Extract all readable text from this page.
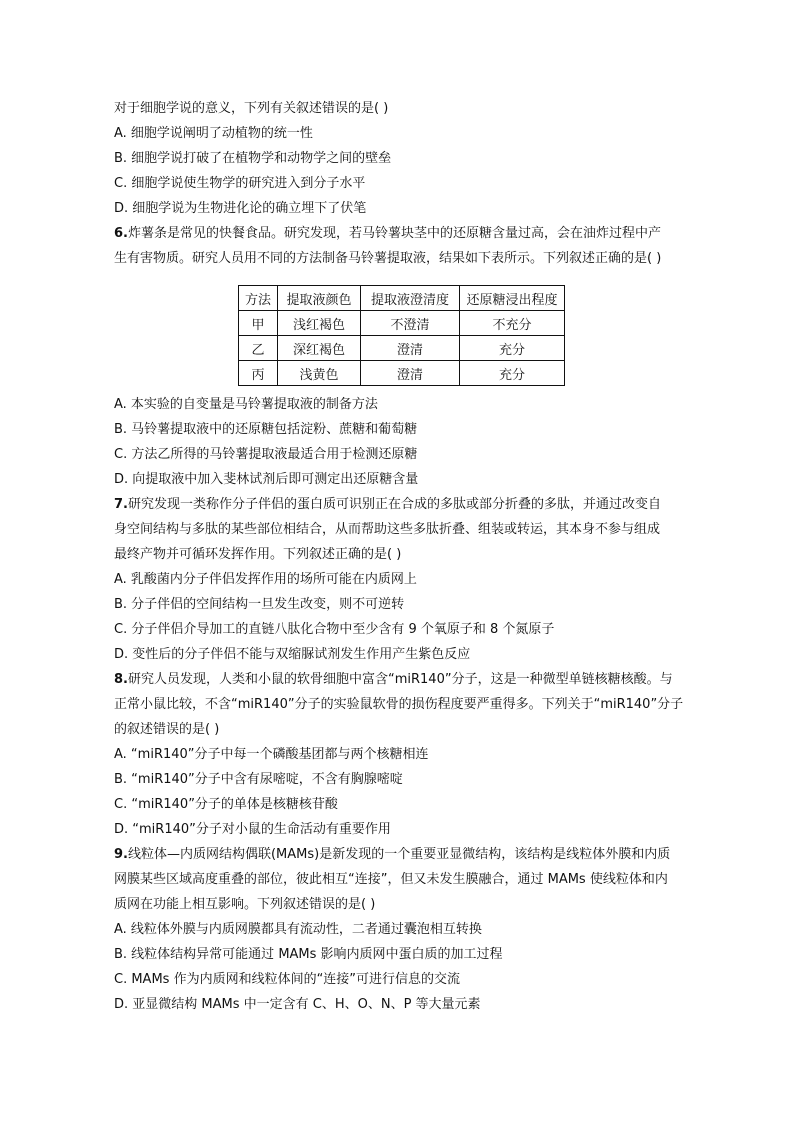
对于细胞学说的意义，下列有关叙述错误的是( )
A. 细胞学说阐明了动植物的统一性
B. 细胞学说打破了在植物学和动物学之间的壁垒
C. 细胞学说使生物学的研究进入到分子水平
D. 细胞学说为生物进化论的确立埋下了伏笔
6.炸薯条是常见的快餐食品。研究发现，若马铃薯块茎中的还原糖含量过高，会在油炸过程中产
生有害物质。研究人员用不同的方法制备马铃薯提取液，结果如下表所示。下列叙述正确的是( )
方法	提取液颜色	提取液澄清度	还原糖浸出程度
甲	浅红褐色	不澄清	不充分
乙	深红褐色	澄清	充分
丙	浅黄色	澄清	充分
A. 本实验的自变量是马铃薯提取液的制备方法
B. 马铃薯提取液中的还原糖包括淀粉、蔗糖和葡萄糖
C. 方法乙所得的马铃薯提取液最适合用于检测还原糖
D. 向提取液中加入斐林试剂后即可测定出还原糖含量
7.研究发现一类称作分子伴侣的蛋白质可识别正在合成的多肽或部分折叠的多肽，并通过改变自
身空间结构与多肽的某些部位相结合，从而帮助这些多肽折叠、组装或转运，其本身不参与组成
最终产物并可循环发挥作用。下列叙述正确的是( )
A. 乳酸菌内分子伴侣发挥作用的场所可能在内质网上
B. 分子伴侣的空间结构一旦发生改变，则不可逆转
C. 分子伴侣介导加工的直链八肽化合物中至少含有 9 个氧原子和 8 个氮原子
D. 变性后的分子伴侣不能与双缩脲试剂发生作用产生紫色反应
8.研究人员发现，人类和小鼠的软骨细胞中富含“miR140”分子，这是一种微型单链核糖核酸。与
正常小鼠比较，不含“miR140”分子的实验鼠软骨的损伤程度要严重得多。下列关于“miR140”分子
的叙述错误的是( )
A. “miR140”分子中每一个磷酸基团都与两个核糖相连
B. “miR140”分子中含有尿嘧啶，不含有胸腺嘧啶
C. “miR140”分子的单体是核糖核苷酸
D. “miR140”分子对小鼠的生命活动有重要作用
9.线粒体—内质网结构偶联(MAMs)是新发现的一个重要亚显微结构，该结构是线粒体外膜和内质
网膜某些区域高度重叠的部位，彼此相互“连接”，但又未发生膜融合，通过 MAMs 使线粒体和内
质网在功能上相互影响。下列叙述错误的是( )
A. 线粒体外膜与内质网膜都具有流动性，二者通过囊泡相互转换
B. 线粒体结构异常可能通过 MAMs 影响内质网中蛋白质的加工过程
C. MAMs 作为内质网和线粒体间的“连接”可进行信息的交流
D. 亚显微结构 MAMs 中一定含有 C、H、O、N、P 等大量元素
